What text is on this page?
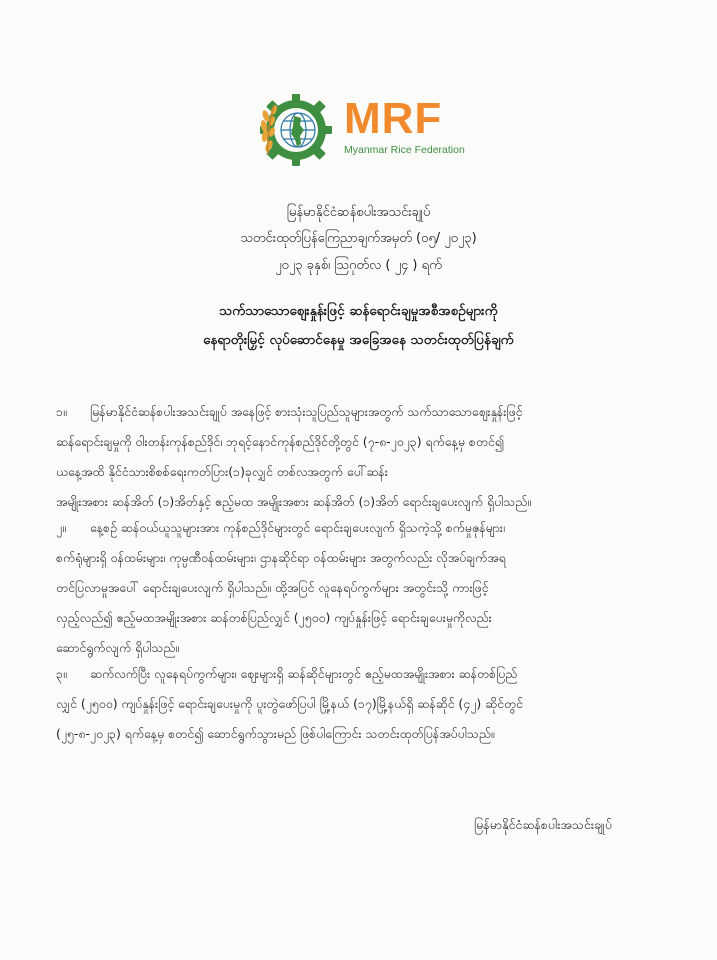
MRF
Myanmar Rice Federation
မြန်မာနိုင်ငံဆန်စပါးအသင်းချုပ်
သတင်းထုတ်ပြန်ကြေညာချက်အမှတ် (၀၅/ ၂၀၂၃)
၂၀၂၃ ခုနှစ်၊ ဩဂုတ်လ ( ၂၄ ) ရက်
သက်သာသောဈေးနှုန်းဖြင့် ဆန်ရောင်းချမှုအစီအစဉ်များကို
နေရာတိုးမြှင့် လုပ်ဆောင်နေမှု အခြေအနေ သတင်းထုတ်ပြန်ချက်
၁။ မြန်မာနိုင်ငံဆန်စပါးအသင်းချုပ် အနေဖြင့် စားသုံးသူပြည်သူများအတွက် သက်သာသောဈေးနှုန်းဖြင့်
ဆန်ရောင်းချမှုကို ဝါးတန်းကုန်စည်ဒိုင်၊ ဘုရင့်နောင်ကုန်စည်ဒိုင်တို့တွင် (၇-၈-၂၀၂၃) ရက်နေ့မှ စတင်၍
ယနေ့အထိ နိုင်ငံသားစိစစ်ရေးကတ်ပြား(၁)ခုလျှင် တစ်လအတွက် ပေါ်ဆန်း
အမျိုးအစား ဆန်အိတ် (၁)အိတ်နှင့် ဧည့်မထ အမျိုးအစား ဆန်အိတ် (၁)အိတ် ရောင်းချပေးလျက် ရှိပါသည်။
၂။ နေ့စဉ် ဆန်ဝယ်ယူသူများအား ကုန်စည်ဒိုင်များတွင် ရောင်းချပေးလျက် ရှိသကဲ့သို့ စက်မှုဇုန်များ၊
စက်ရုံများရှိ ဝန်ထမ်းများ၊ ကုမ္ပဏီဝန်ထမ်းများ၊ ဌာနဆိုင်ရာ ဝန်ထမ်းများ အတွက်လည်း လိုအပ်ချက်အရ
တင်ပြလာမှုအပေါ် ရောင်းချပေးလျက် ရှိပါသည်။ ထို့အပြင် လူနေရပ်ကွက်များ အတွင်းသို့ ကားဖြင့်
လှည့်လည်၍ ဧည့်မထအမျိုးအစား ဆန်တစ်ပြည်လျှင် (၂၅၀၀) ကျပ်နှုန်းဖြင့် ရောင်းချပေးမှုကိုလည်း
ဆောင်ရွက်လျက် ရှိပါသည်။
၃။ ဆက်လက်ပြီး လူနေရပ်ကွက်များ၊ ဈေးများရှိ ဆန်ဆိုင်များတွင် ဧည့်မထအမျိုးအစား ဆန်တစ်ပြည်
လျှင် (၂၅၀၀) ကျပ်နှုန်းဖြင့် ရောင်းချပေးမှုကို ပူးတွဲဖော်ပြပါ မြို့နယ် (၁၇)မြို့နယ်ရှိ ဆန်ဆိုင် (၄၂) ဆိုင်တွင်
(၂၅-၈-၂၀၂၃) ရက်နေ့မှ စတင်၍ ဆောင်ရွက်သွားမည် ဖြစ်ပါကြောင်း သတင်းထုတ်ပြန်အပ်ပါသည်။
မြန်မာနိုင်ငံဆန်စပါးအသင်းချုပ်
